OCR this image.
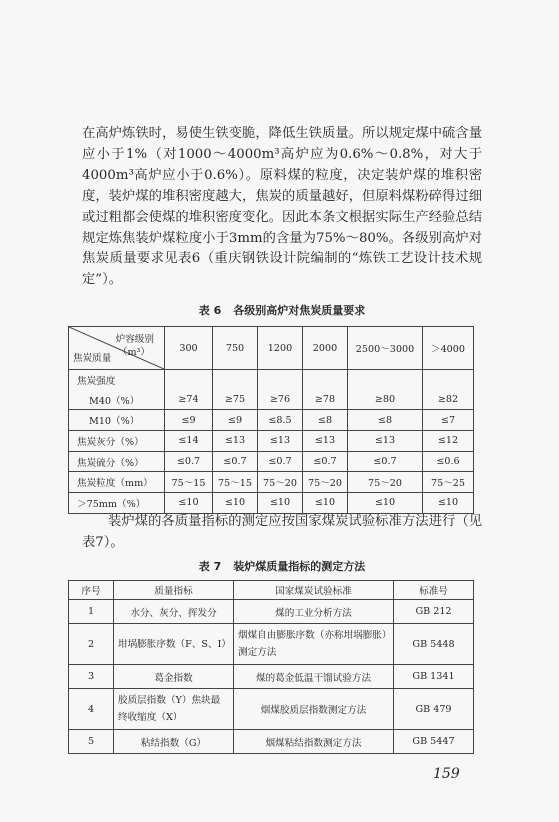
在高炉炼铁时，易使生铁变脆，降低生铁质量。所以规定煤中硫含量应小于1%（对1000～4000m³高炉应为0.6%～0.8%，对大于4000m³高炉应小于0.6%）。原料煤的粒度，决定装炉煤的堆积密度，装炉煤的堆积密度越大，焦炭的质量越好，但原料煤粉碎得过细或过粗都会使煤的堆积密度变化。因此本条文根据实际生产经验总结规定炼焦装炉煤粒度小于3mm的含量为75%～80%。各级别高炉对焦炭质量要求见表6（重庆钢铁设计院编制的“炼铁工艺设计技术规定”）。

表 6 各级别高炉对焦炭质量要求
炉容级别
（m³）
焦炭质量	300	750	1200	2000	2500～3000	＞4000
焦炭强度						
M40（%）	≥74	≥75	≥76	≥78	≥80	≥82
M10（%）	≤9	≤9	≤8.5	≤8	≤8	≤7
焦炭灰分（%）	≤14	≤13	≤13	≤13	≤13	≤12
焦炭硫分（%）	≤0.7	≤0.7	≤0.7	≤0.7	≤0.7	≤0.6
焦炭粒度（mm）	75～15	75～15	75～20	75～20	75～20	75～25
＞75mm（%）	≤10	≤10	≤10	≤10	≤10	≤10

装炉煤的各质量指标的测定应按国家煤炭试验标准方法进行（见表7）。

表 7 装炉煤质量指标的测定方法
序号	质量指标	国家煤炭试验标准	标准号
1	水分、灰分、挥发分	煤的工业分析方法	GB 212
2	坩埚膨胀序数（F、S、I）	烟煤自由膨胀序数（亦称坩埚膨胀）测定方法	GB 5448
3	葛金指数	煤的葛金低温干馏试验方法	GB 1341
4	胶质层指数（Y）焦块最终收缩度（X）	烟煤胶质层指数测定方法	GB 479
5	粘结指数（G）	烟煤粘结指数测定方法	GB 5447
159
